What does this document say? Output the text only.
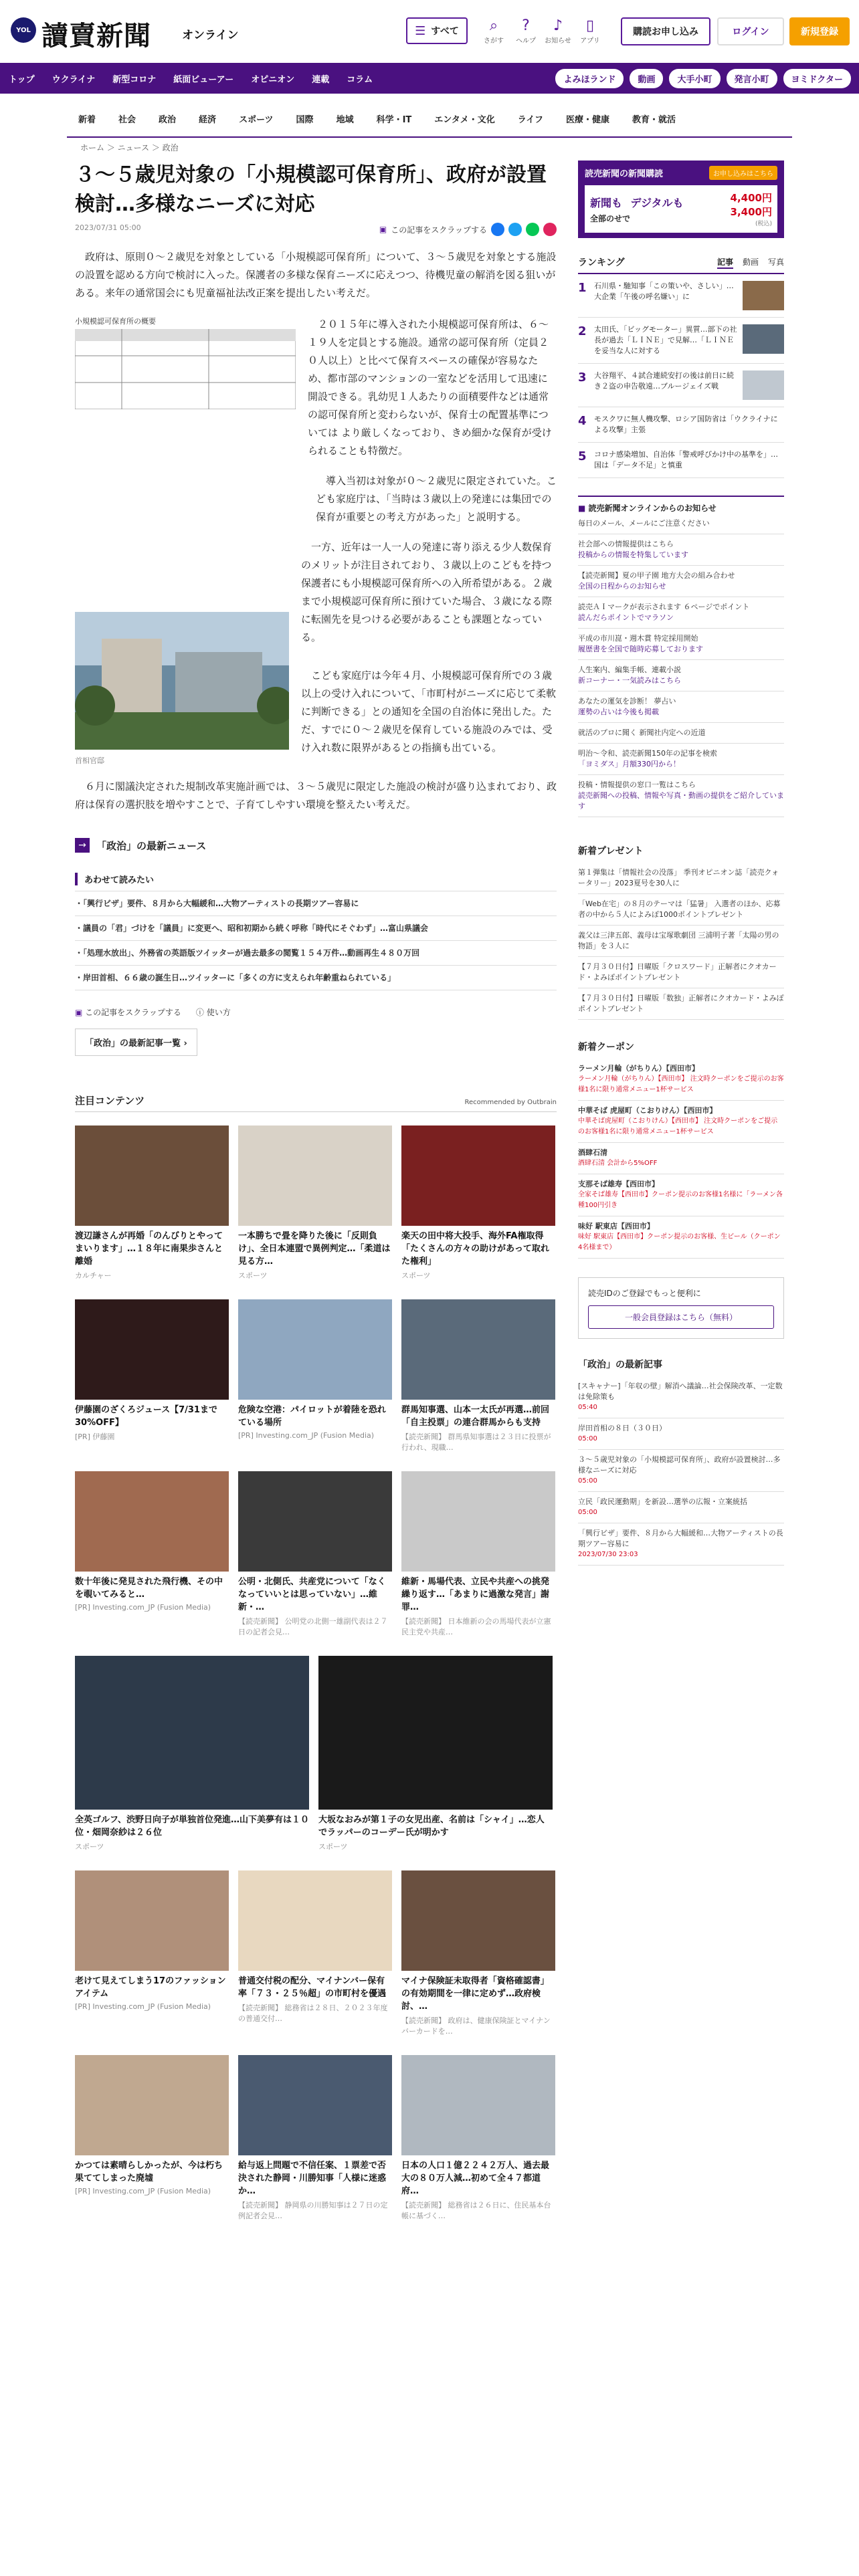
YOL 讀賣新聞	オンライン	☰ すべて	⌕
さがす
?
ヘルプ
♪
お知らせ
▯
アプリ
購読お申し込み	ログイン	新規登録
トップ	ウクライナ	新型コロナ	紙面ビューアー	オピニオン	連載	コラム	よみほランド	動画	大手小町	発言小町	ヨミドクター
新着	社会	政治	経済	スポーツ	国際	地域	科学・IT	エンタメ・文化	ライフ	医療・健康	教育・就活
ホーム ＞ ニュース ＞ 政治
３～５歳児対象の「小規模認可保育所」、政府が設置検討…多様なニーズに対応
2023/07/31 05:00	▣ この記事をスクラップする

政府は、原則０～２歳児を対象としている「小規模認可保育所」について、３～５歳児を対象とする施設の設置を認める方向で検討に入った。保護者の多様な保育ニーズに応えつつ、待機児童の解消を図る狙いがある。来年の通常国会にも児童福祉法改正案を提出したい考えだ。

小規模認可保育所の概要	２０１５年に導入された小規模認可保育所は、６～１９人を定員とする施設。通常の認可保育所（定員２０人以上）と比べて保育スペースの確保が容易なため、都市部のマンションの一室などを活用して迅速に開設できる。乳幼児１人あたりの面積要件などは通常の認可保育所と変わらないが、保育士の配置基準については より厳しくなっており、きめ細かな保育が受けられることも特徴だ。

導入当初は対象が０～２歳児に限定されていた。こども家庭庁は、「当時は３歳以上の発達には集団での保育が重要との考え方があった」と説明する。

首相官邸

一方、近年は一人一人の発達に寄り添える少人数保育のメリットが注目されており、３歳以上のこどもを持つ保護者にも小規模認可保育所への入所希望がある。２歳まで小規模認可保育所に預けていた場合、３歳になる際に転園先を見つける必要があることも課題となっている。

こども家庭庁は今年４月、小規模認可保育所での３歳以上の受け入れについて、「市町村がニーズに応じて柔軟に判断できる」との通知を全国の自治体に発出した。ただ、すでに０～２歳児を保育している施設のみでは、受け入れ数に限界があるとの指摘も出ている。

６月に閣議決定された規制改革実施計画では、３～５歳児に限定した施設の検討が盛り込まれており、政府は保育の選択肢を増やすことで、子育てしやすい環境を整えたい考えだ。

→	「政治」の最新ニュース
あわせて読みたい
・「興行ビザ」要件、８月から大幅緩和…大物アーティストの長期ツアー容易に
・議員の「君」づけを「議員」に変更へ、昭和初期から続く呼称「時代にそぐわず」…富山県議会
・「処理水放出」、外務省の英語版ツイッターが過去最多の閲覧１５４万件…動画再生４８０万回
・岸田首相、６６歳の誕生日…ツイッターに「多くの方に支えられ年齢重ねられている」
▣ この記事をスクラップする ⓘ 使い方
「政治」の最新記事一覧 ›
注目コンテンツ	Recommended by Outbrain
渡辺謙さんが再婚「のんびりとやってまいります」…１８年に南果歩さんと離婚
カルチャー
一本勝ちで畳を降りた後に「反則負け」、全日本連盟で異例判定…「柔道は見る方…
スポーツ
楽天の田中将大投手、海外FA権取得「たくさんの方々の助けがあって取れた権利」
スポーツ
伊藤園のざくろジュース【7/31まで30%OFF】
[PR] 伊藤園
危険な空港：パイロットが着陸を恐れている場所
[PR] Investing.com_JP (Fusion Media)
群馬知事選、山本一太氏が再選…前回「自主投票」の連合群馬からも支持
【読売新聞】 群馬県知事選は２３日に投票が行われ、現職…
数十年後に発見された飛行機、その中を覗いてみると…
[PR] Investing.com_JP (Fusion Media)
公明・北側氏、共産党について「なくなっていいとは思っていない」…維新・…
【読売新聞】 公明党の北側一雄副代表は２７日の記者会見…
維新・馬場代表、立民や共産への挑発繰り返す…「あまりに過激な発言」謝罪…
【読売新聞】 日本維新の会の馬場代表が立憲民主党や共産…
全英ゴルフ、渋野日向子が単独首位発進…山下美夢有は１０位・畑岡奈紗は２６位
スポーツ
大坂なおみが第１子の女児出産、名前は「シャイ」…恋人でラッパーのコーデー氏が明かす
スポーツ
老けて見えてしまう17のファッションアイテム
[PR] Investing.com_JP (Fusion Media)
普通交付税の配分、マイナンバー保有率「７３・２５％超」の市町村を優遇
【読売新聞】 総務省は２８日、２０２３年度の普通交付…
マイナ保険証未取得者「資格確認書」の有効期間を一律に定めず…政府検討、…
【読売新聞】 政府は、健康保険証とマイナンバーカードを…
かつては素晴らしかったが、今は朽ち果ててしまった廃墟
[PR] Investing.com_JP (Fusion Media)
給与返上問題で不信任案、１票差で否決された静岡・川勝知事「人様に迷惑か…
【読売新聞】 静岡県の川勝知事は２７日の定例記者会見…
日本の人口１億２２４２万人、過去最大の８０万人減…初めて全４７都道府…
【読売新聞】 総務省は２６日に、住民基本台帳に基づく…
読売新聞の新聞購読	お申し込みはこちら
新聞も デジタルも
全部のせで
4,400円
3,400円
(税込)
ランキング	記事 動画 写真
1	石川県・馳知事「この策いや、さしい」…大企業「午後の呼名嫌い」に
2	太田氏、「ビッグモーター」異質…部下の社長が過去「ＬＩＮＥ」で見解…「ＬＩＮＥを妥当な人に対する
3	大谷翔平、４試合連続安打の後は前日に続き２盗の申告敬遠…ブルージェイズ戦
4	モスクワに無人機攻撃、ロシア国防省は「ウクライナによる攻撃」主張
5	コロナ感染増加、自治体「警戒呼びかけ中の基準を」…国は「データ不足」と慎重
■ 読売新聞オンラインからのお知らせ
毎日のメール、メールにご注意ください
社会部への情報提供はこちら
投稿からの情報を特集しています
【読売新聞】夏の甲子園 地方大会の組み合わせ
全国の日程からのお知らせ
読売ＡＩマークが表示されます ６ページでポイント
読んだらポイントでマラソン
平成の市川崑・週木賞 特定採用開始
履歴書を全国で随時応募しております
人生案内、編集手帳、連載小説
新コーナー・一気読みはこちら
あなたの運気を診断！ 夢占い
運勢の占いは今後も掲載
就活のプロに聞く 新聞社内定への近道
明治～令和、読売新聞150年の記事を検索
「ヨミダス」月額330円から！
投稿・情報提供の窓口一覧はこちら
読売新聞への投稿、情報や写真・動画の提供をご紹介しています
新着プレゼント
第１弾集は「情報社会の没落」 季刊オピニオン誌「読売クォータリー」2023夏号を30人に
「Web在宅」の８月のテーマは「猛暑」 入選者のほか、応募者の中から５人によみぽ1000ポイントプレゼント
義父は三津五郎、義母は宝塚歌劇団 三浦明子著「太陽の男の物語」を３人に
【７月３０日付】日曜版「クロスワード」正解者にクオカード・よみぽポイントプレゼント
【７月３０日付】日曜版「数独」正解者にクオカード・よみぽポイントプレゼント
新着クーポン
ラーメン月輪（がちりん）【西田市】
ラーメン月輪（がちりん）【西田市】 注文時クーポンをご提示のお客様1名に限り通常メニュー1杯サービス
中華そば 虎屋町（こおりけん）【西田市】
中華そば虎屋町（こおりけん）【西田市】 注文時クーポンをご提示のお客様1名に限り通常メニュー1杯サービス
酒肆石清
酒肆石清 会計から5%OFF
支那そば雄寿【西田市】
全家そば雄寿【西田市】クーポン提示のお客様1名様に「ラーメン各種100円引き
味好 駅東店【西田市】
味好 駅東店【西田市】クーポン提示のお客様、生ビール（クーポン4名様まで）
読売IDのご登録でもっと便利に
一般会員登録はこちら（無料）
「政治」の最新記事
[スキャナー]「年収の壁」解消へ議論…社会保険改革、一定数は免除策も
05:40
岸田首相の８日（３０日）
05:00
３～５歳児対象の「小規模認可保育所」、政府が設置検討…多様なニーズに対応
05:00
立民「政民運動期」を新設…選挙の広報・立案統括
05:00
「興行ビザ」要件、８月から大幅緩和…大物アーティストの長期ツアー容易に
2023/07/30 23:03
